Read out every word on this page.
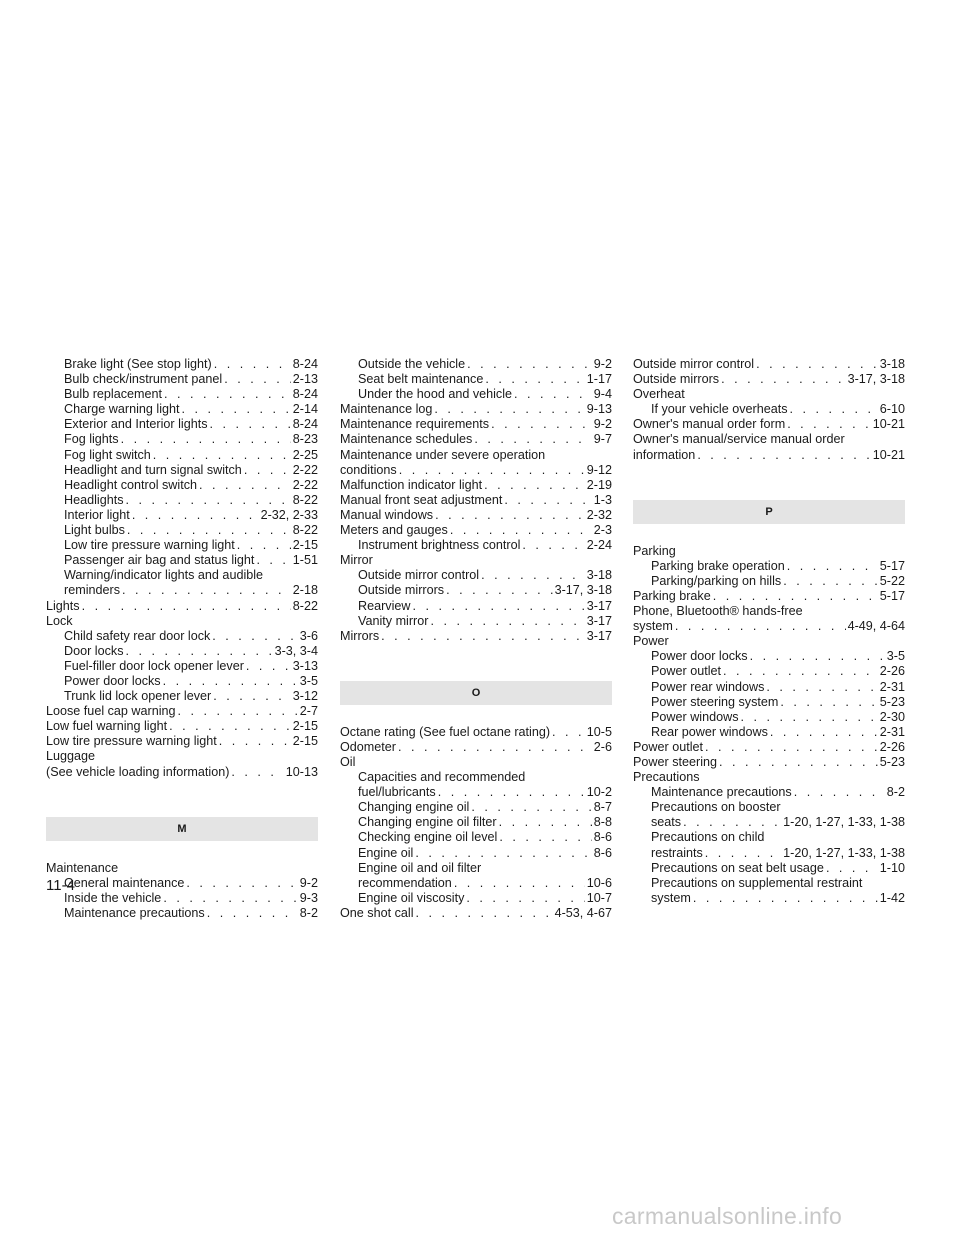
Brake light (See stop light) . . .	8-24
Bulb check/instrument panel . . .	2-13
Bulb replacement . . .	8-24
Charge warning light . . .	2-14
Exterior and Interior lights . . .	8-24
Fog lights . . .	8-23
Fog light switch . . .	2-25
Headlight and turn signal switch . . .	2-22
Headlight control switch . . .	2-22
Headlights . . .	8-22
Interior light . . .	2-32, 2-33
Light bulbs . . .	8-22
Low tire pressure warning light . . .	2-15
Passenger air bag and status light . . .	1-51
Warning/indicator lights and audible
reminders . . .	2-18
Lights . . .	8-22
Lock
Child safety rear door lock . . .	3-6
Door locks . . .	3-3, 3-4
Fuel-filler door lock opener lever . . .	3-13
Power door locks . . .	3-5
Trunk lid lock opener lever . . .	3-12
Loose fuel cap warning . . .	2-7
Low fuel warning light . . .	2-15
Low tire pressure warning light . . .	2-15
Luggage
(See vehicle loading information) . . .	10-13
M
Maintenance
General maintenance . . .	9-2
Inside the vehicle . . .	9-3
Maintenance precautions . . .	8-2
Outside the vehicle . . .	9-2
Seat belt maintenance . . .	1-17
Under the hood and vehicle . . .	9-4
Maintenance log . . .	9-13
Maintenance requirements . . .	9-2
Maintenance schedules . . .	9-7
Maintenance under severe operation
conditions . . .	9-12
Malfunction indicator light . . .	2-19
Manual front seat adjustment . . .	1-3
Manual windows . . .	2-32
Meters and gauges . . .	2-3
Instrument brightness control . . .	2-24
Mirror
Outside mirror control . . .	3-18
Outside mirrors . . .	3-17, 3-18
Rearview . . .	3-17
Vanity mirror . . .	3-17
Mirrors . . .	3-17
O
Octane rating (See fuel octane rating) . . .	10-5
Odometer . . .	2-6
Oil
Capacities and recommended
fuel/lubricants . . .	10-2
Changing engine oil . . .	8-7
Changing engine oil filter . . .	8-8
Checking engine oil level . . .	8-6
Engine oil . . .	8-6
Engine oil and oil filter
recommendation . . .	10-6
Engine oil viscosity . . .	10-7
One shot call . . .	4-53, 4-67
Outside mirror control . . .	3-18
Outside mirrors . . .	3-17, 3-18
Overheat
If your vehicle overheats . . .	6-10
Owner's manual order form . . .	10-21
Owner's manual/service manual order
information . . .	10-21
P
Parking
Parking brake operation . . .	5-17
Parking/parking on hills . . .	5-22
Parking brake . . .	5-17
Phone, Bluetooth® hands-free
system . . .	4-49, 4-64
Power
Power door locks . . .	3-5
Power outlet . . .	2-26
Power rear windows . . .	2-31
Power steering system . . .	5-23
Power windows . . .	2-30
Rear power windows . . .	2-31
Power outlet . . .	2-26
Power steering . . .	5-23
Precautions
Maintenance precautions . . .	8-2
Precautions on booster
seats . . .	1-20, 1-27, 1-33, 1-38
Precautions on child
restraints . . .	1-20, 1-27, 1-33, 1-38
Precautions on seat belt usage . . .	1-10
Precautions on supplemental restraint
system . . .	1-42
11-4
carmanualsonline.info
